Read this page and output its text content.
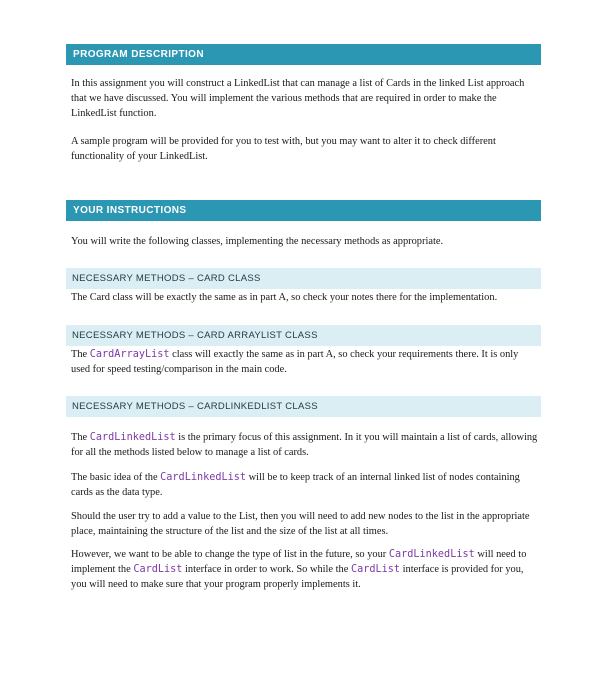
PROGRAM DESCRIPTION

In this assignment you will construct a LinkedList that can manage a list of Cards in the linked List approach that we have discussed. You will implement the various methods that are required in order to make the LinkedList function.

A sample program will be provided for you to test with, but you may want to alter it to check different functionality of your LinkedList.

YOUR INSTRUCTIONS

You will write the following classes, implementing the necessary methods as appropriate.

NECESSARY METHODS – CARD CLASS

The Card class will be exactly the same as in part A, so check your notes there for the implementation.

NECESSARY METHODS – CARD ARRAYLIST CLASS

The CardArrayList class will exactly the same as in part A, so check your requirements there. It is only used for speed testing/comparison in the main code.

NECESSARY METHODS – CARDLINKEDLIST CLASS

The CardLinkedList is the primary focus of this assignment. In it you will maintain a list of cards, allowing for all the methods listed below to manage a list of cards.

The basic idea of the CardLinkedList will be to keep track of an internal linked list of nodes containing cards as the data type.

Should the user try to add a value to the List, then you will need to add new nodes to the list in the appropriate place, maintaining the structure of the list and the size of the list at all times.

However, we want to be able to change the type of list in the future, so your CardLinkedList will need to implement the CardList interface in order to work. So while the CardList interface is provided for you, you will need to make sure that your program properly implements it.
